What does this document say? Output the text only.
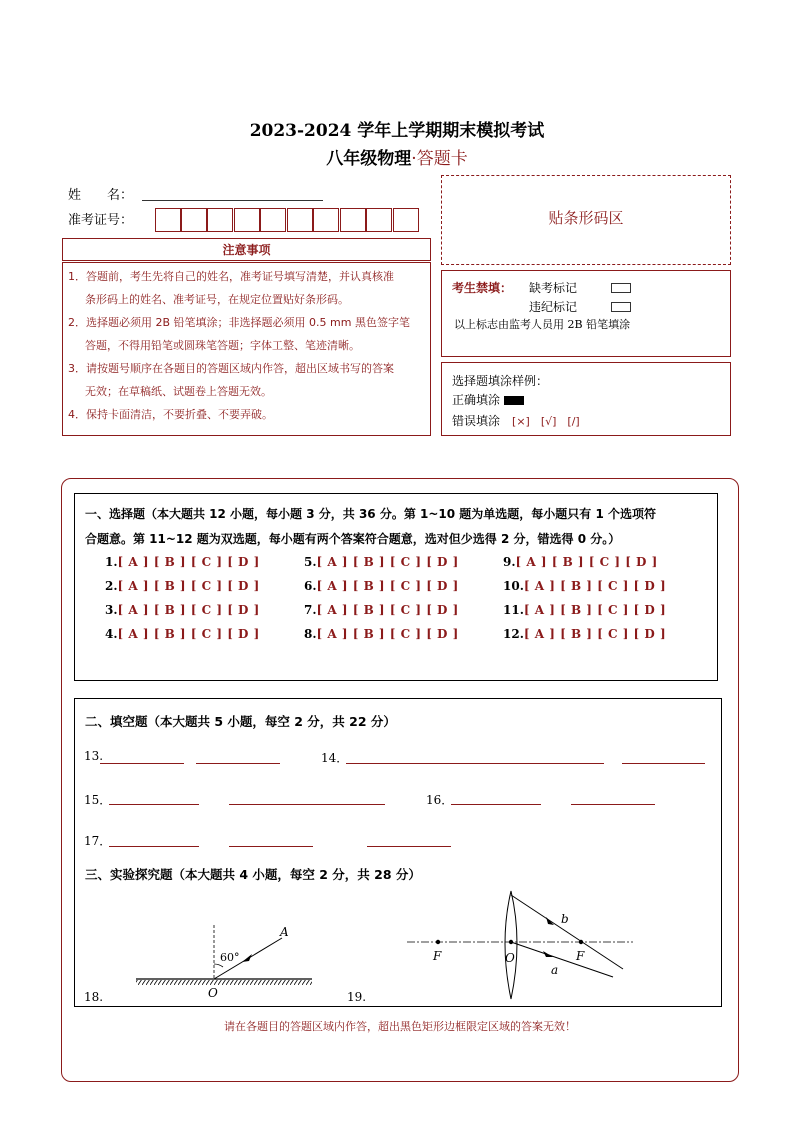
2023-2024 学年上学期期末模拟考试
八年级物理·答题卡
姓　　名：
准考证号：
注意事项
1．答题前，考生先将自己的姓名，准考证号填写清楚，并认真核准
条形码上的姓名、准考证号，在规定位置贴好条形码。
2．选择题必须用 2B 铅笔填涂；非选择题必须用 0.5 mm 黑色签字笔
答题，不得用铅笔或圆珠笔答题；字体工整、笔迹清晰。
3．请按题号顺序在各题目的答题区域内作答，超出区域书写的答案
无效；在草稿纸、试题卷上答题无效。
4．保持卡面清洁，不要折叠、不要弄破。
贴条形码区
考生禁填： 缺考标记
违纪标记
以上标志由监考人员用 2B 铅笔填涂
选择题填涂样例：
正确填涂
错误填涂　 [×]　[√]　[/]
一、选择题（本大题共 12 小题，每小题 3 分，共 36 分。第 1~10 题为单选题，每小题只有 1 个选项符
合题意。第 11~12 题为双选题，每小题有两个答案符合题意，选对但少选得 2 分，错选得 0 分。）
1.[ A ] [ B ] [ C ] [ D ]	5.[ A ] [ B ] [ C ] [ D ]	9.[ A ] [ B ] [ C ] [ D ]
2.[ A ] [ B ] [ C ] [ D ]	6.[ A ] [ B ] [ C ] [ D ]	10.[ A ] [ B ] [ C ] [ D ]
3.[ A ] [ B ] [ C ] [ D ]	7.[ A ] [ B ] [ C ] [ D ]	11.[ A ] [ B ] [ C ] [ D ]
4.[ A ] [ B ] [ C ] [ D ]	8.[ A ] [ B ] [ C ] [ D ]	12.[ A ] [ B ] [ C ] [ D ]
二、填空题（本大题共 5 小题，每空 2 分，共 22 分）
13.	14．
15．	16．
17．
三、实验探究题（本大题共 4 小题，每空 2 分，共 28 分）
18.	19.
60°
A
O
F	O	F
a
b
请在各题目的答题区域内作答，超出黑色矩形边框限定区域的答案无效！
